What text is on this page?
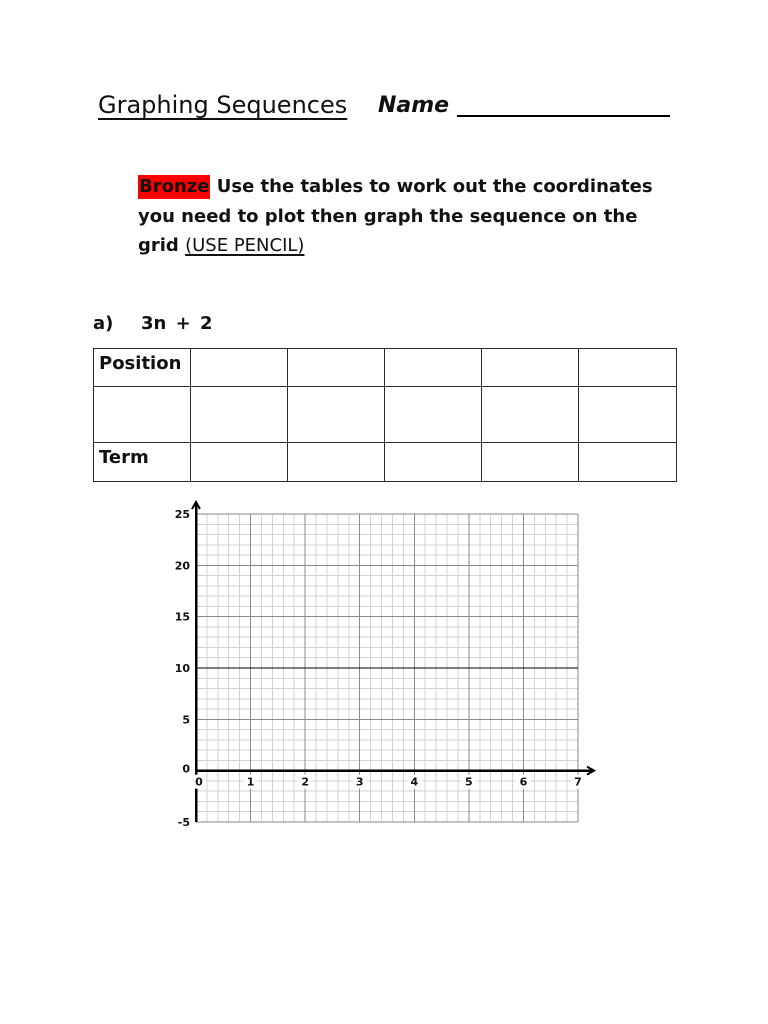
Graphing Sequences Name
Bronze Use the tables to work out the coordinates
you need to plot then graph the sequence on the
grid (USE PENCIL)
a) 3n + 2
Position					

Term					
0	1	2	3	4	5	6	7
25
20
15
10
5
0
-5
